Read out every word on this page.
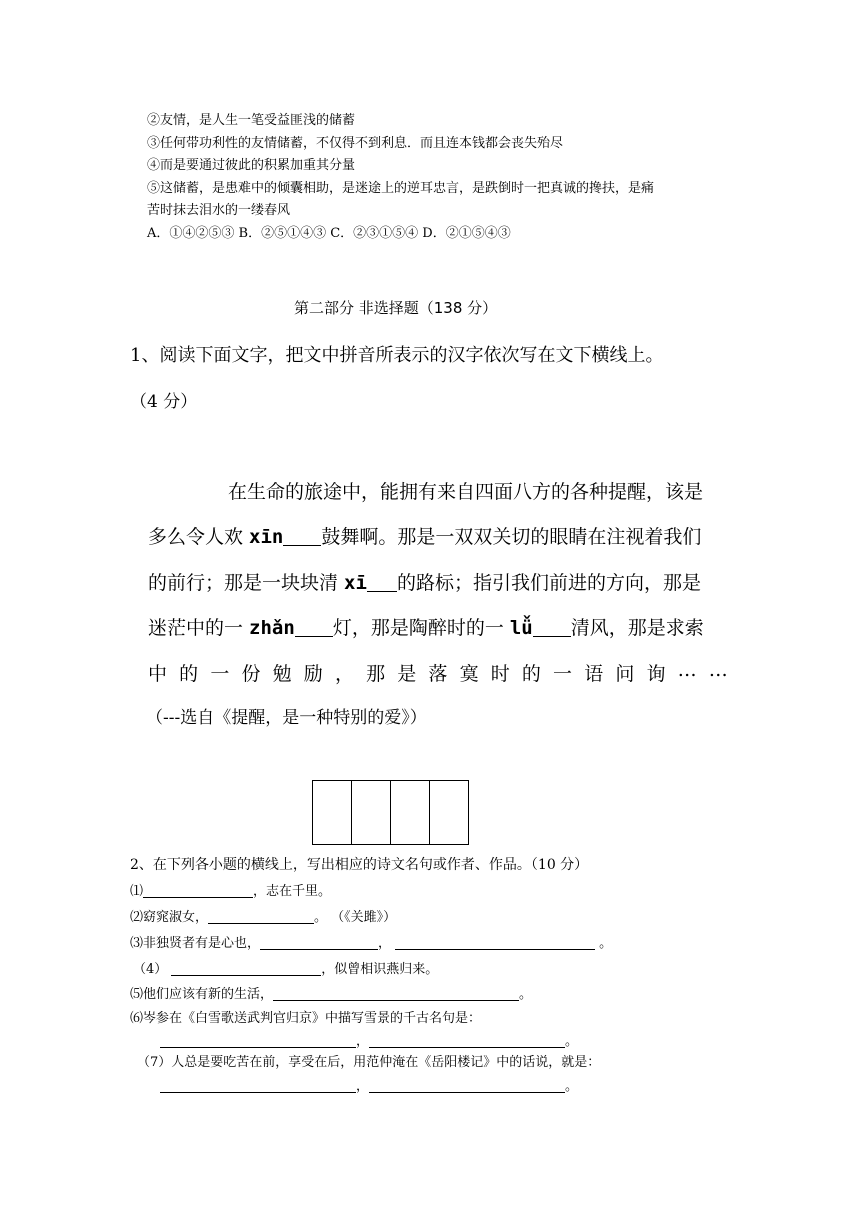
②友情，是人生一笔受益匪浅的储蓄
③任何带功利性的友情储蓄，不仅得不到利息．而且连本钱都会丧失殆尽
④而是要通过彼此的积累加重其分量
⑤这储蓄，是患难中的倾囊相助，是迷途上的逆耳忠言，是跌倒时一把真诚的搀扶，是痛
苦时抹去泪水的一缕春风
A．①④②⑤③ B．②⑤①④③ C．②③①⑤④ D．②①⑤④③
第二部分 非选择题（138 分）
1、阅读下面文字，把文中拼音所表示的汉字依次写在文下横线上。
（4 分）
在生命的旅途中，能拥有来自四面八方的各种提醒，该是
多么令人欢 xīn 鼓舞啊。那是一双双关切的眼睛在注视着我们
的前行；那是一块块清 xī 的路标；指引我们前进的方向，那是
迷茫中的一 zhǎn 灯，那是陶醉时的一 lǚ 清风，那是求索
中 的 一 份 勉 励 ， 那 是 落 寞 时 的 一 语 问 询 … …
（---选自《提醒，是一种特别的爱》）
2、在下列各小题的横线上，写出相应的诗文名句或作者、作品。（10 分）
⑴	，志在千里。
⑵窈窕淑女，	。 （《关雎》）
⑶非独贤者有是心也，	，	。
（4）	，似曾相识燕归来。
⑸他们应该有新的生活，	。
⑹岑参在《白雪歌送武判官归京》中描写雪景的千古名句是：
，	。
（7）人总是要吃苦在前，享受在后，用范仲淹在《岳阳楼记》中的话说，就是：
，	。
